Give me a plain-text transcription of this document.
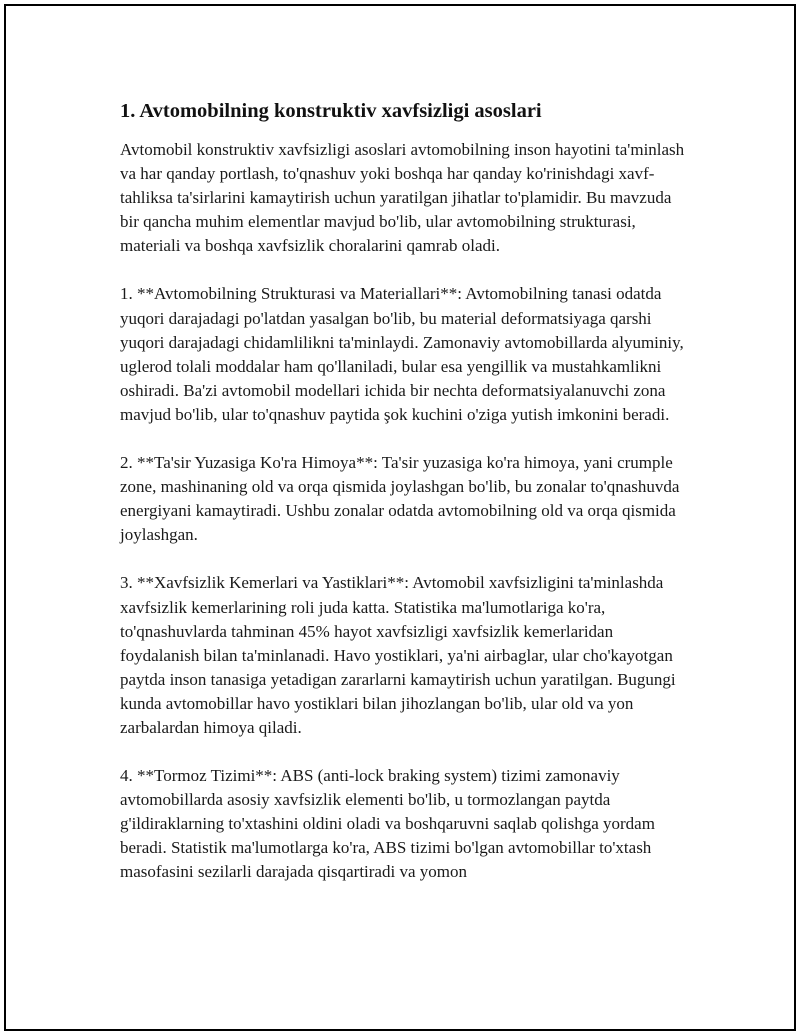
1. Avtomobilning konstruktiv xavfsizligi asoslari

Avtomobil konstruktiv xavfsizligi asoslari avtomobilning inson hayotini ta'minlash va har qanday portlash, to'qnashuv yoki boshqa har qanday ko'rinishdagi xavf-tahliksa ta'sirlarini kamaytirish uchun yaratilgan jihatlar to'plamidir. Bu mavzuda bir qancha muhim elementlar mavjud bo'lib, ular avtomobilning strukturasi, materiali va boshqa xavfsizlik choralarini qamrab oladi.

1. **Avtomobilning Strukturasi va Materiallari**: Avtomobilning tanasi odatda yuqori darajadagi po'latdan yasalgan bo'lib, bu material deformatsiyaga qarshi yuqori darajadagi chidamlilikni ta'minlaydi. Zamonaviy avtomobillarda alyuminiy, uglerod tolali moddalar ham qo'llaniladi, bular esa yengillik va mustahkamlikni oshiradi. Ba'zi avtomobil modellari ichida bir nechta deformatsiyalanuvchi zona mavjud bo'lib, ular to'qnashuv paytida şok kuchini o'ziga yutish imkonini beradi.

2. **Ta'sir Yuzasiga Ko'ra Himoya**: Ta'sir yuzasiga ko'ra himoya, yani crumple zone, mashinaning old va orqa qismida joylashgan bo'lib, bu zonalar to'qnashuvda energiyani kamaytiradi. Ushbu zonalar odatda avtomobilning old va orqa qismida joylashgan.

3. **Xavfsizlik Kemerlari va Yastiklari**: Avtomobil xavfsizligini ta'minlashda xavfsizlik kemerlarining roli juda katta. Statistika ma'lumotlariga ko'ra, to'qnashuvlarda tahminan 45% hayot xavfsizligi xavfsizlik kemerlaridan foydalanish bilan ta'minlanadi. Havo yostiklari, ya'ni airbaglar, ular cho'kayotgan paytda inson tanasiga yetadigan zararlarni kamaytirish uchun yaratilgan. Bugungi kunda avtomobillar havo yostiklari bilan jihozlangan bo'lib, ular old va yon zarbalardan himoya qiladi.

4. **Tormoz Tizimi**: ABS (anti-lock braking system) tizimi zamonaviy avtomobillarda asosiy xavfsizlik elementi bo'lib, u tormozlangan paytda g'ildiraklarning to'xtashini oldini oladi va boshqaruvni saqlab qolishga yordam beradi. Statistik ma'lumotlarga ko'ra, ABS tizimi bo'lgan avtomobillar to'xtash masofasini sezilarli darajada qisqartiradi va yomon
